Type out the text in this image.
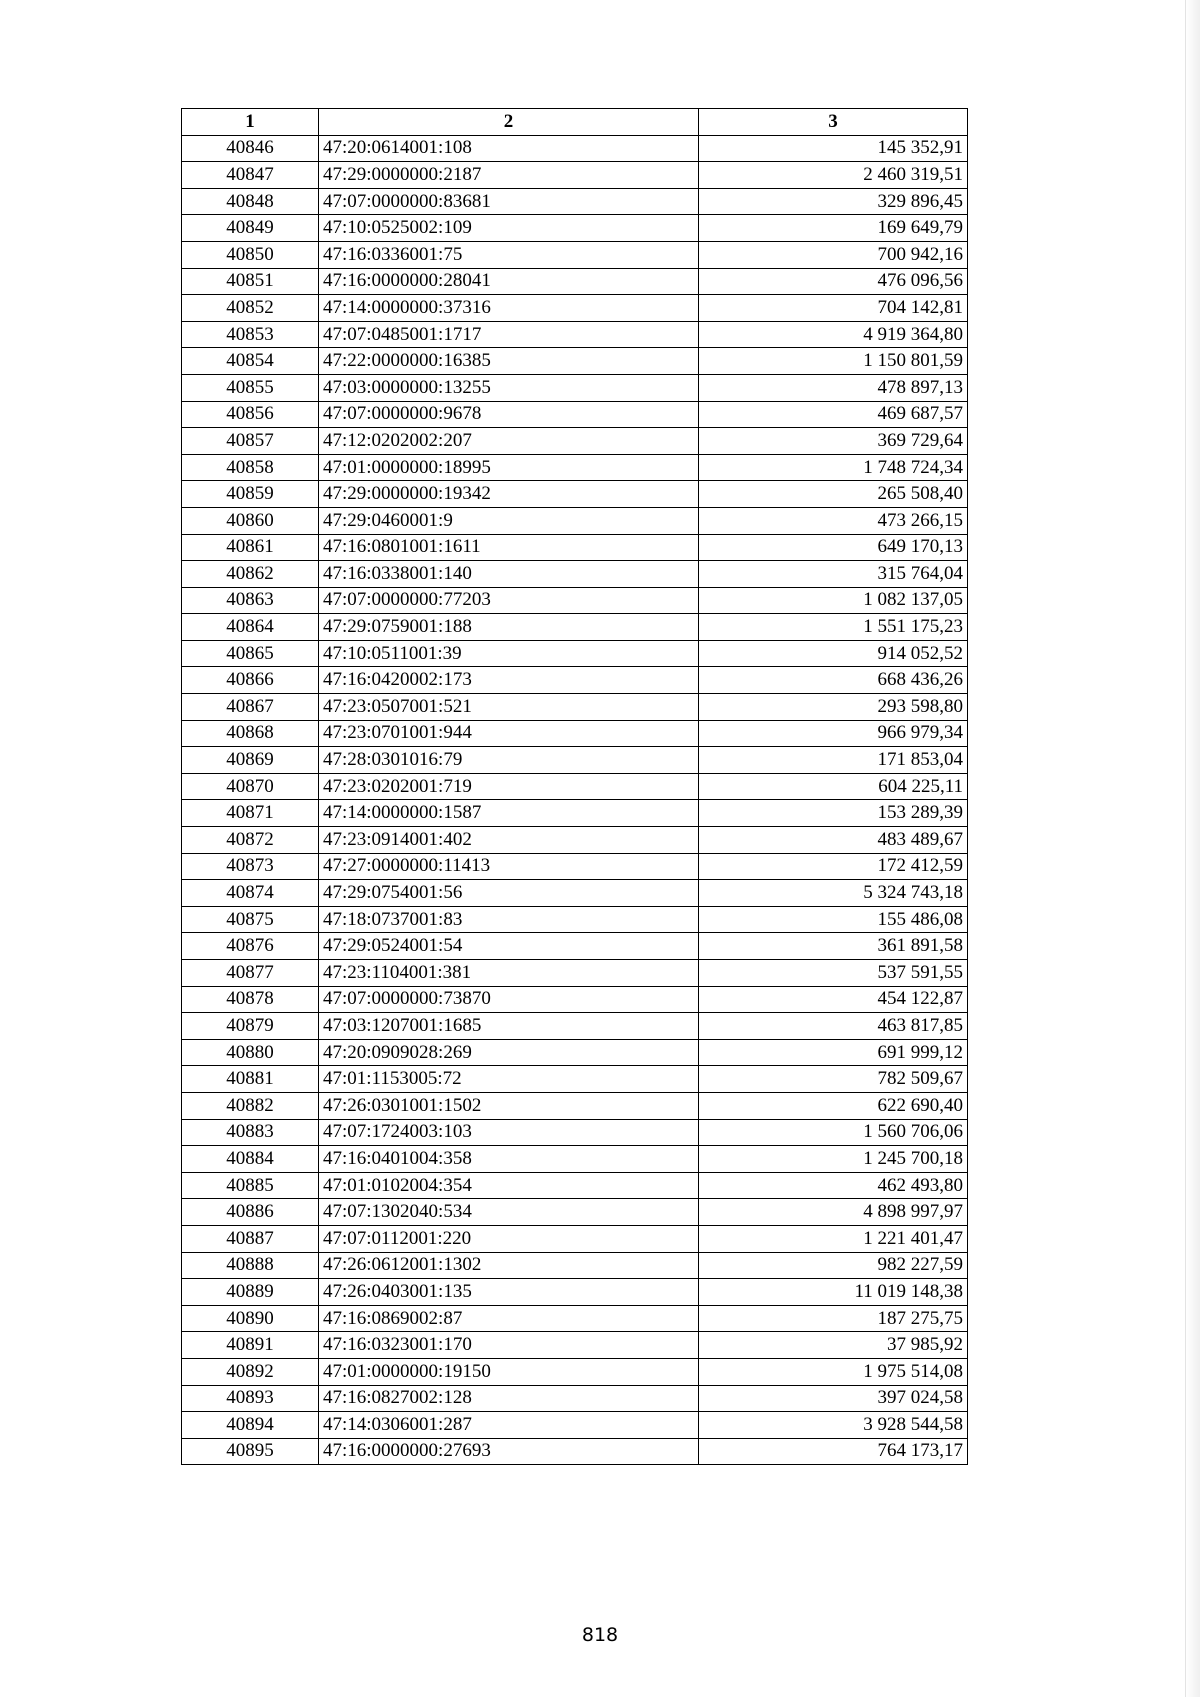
1	2	3
40846	47:20:0614001:108	145 352,91
40847	47:29:0000000:2187	2 460 319,51
40848	47:07:0000000:83681	329 896,45
40849	47:10:0525002:109	169 649,79
40850	47:16:0336001:75	700 942,16
40851	47:16:0000000:28041	476 096,56
40852	47:14:0000000:37316	704 142,81
40853	47:07:0485001:1717	4 919 364,80
40854	47:22:0000000:16385	1 150 801,59
40855	47:03:0000000:13255	478 897,13
40856	47:07:0000000:9678	469 687,57
40857	47:12:0202002:207	369 729,64
40858	47:01:0000000:18995	1 748 724,34
40859	47:29:0000000:19342	265 508,40
40860	47:29:0460001:9	473 266,15
40861	47:16:0801001:1611	649 170,13
40862	47:16:0338001:140	315 764,04
40863	47:07:0000000:77203	1 082 137,05
40864	47:29:0759001:188	1 551 175,23
40865	47:10:0511001:39	914 052,52
40866	47:16:0420002:173	668 436,26
40867	47:23:0507001:521	293 598,80
40868	47:23:0701001:944	966 979,34
40869	47:28:0301016:79	171 853,04
40870	47:23:0202001:719	604 225,11
40871	47:14:0000000:1587	153 289,39
40872	47:23:0914001:402	483 489,67
40873	47:27:0000000:11413	172 412,59
40874	47:29:0754001:56	5 324 743,18
40875	47:18:0737001:83	155 486,08
40876	47:29:0524001:54	361 891,58
40877	47:23:1104001:381	537 591,55
40878	47:07:0000000:73870	454 122,87
40879	47:03:1207001:1685	463 817,85
40880	47:20:0909028:269	691 999,12
40881	47:01:1153005:72	782 509,67
40882	47:26:0301001:1502	622 690,40
40883	47:07:1724003:103	1 560 706,06
40884	47:16:0401004:358	1 245 700,18
40885	47:01:0102004:354	462 493,80
40886	47:07:1302040:534	4 898 997,97
40887	47:07:0112001:220	1 221 401,47
40888	47:26:0612001:1302	982 227,59
40889	47:26:0403001:135	11 019 148,38
40890	47:16:0869002:87	187 275,75
40891	47:16:0323001:170	37 985,92
40892	47:01:0000000:19150	1 975 514,08
40893	47:16:0827002:128	397 024,58
40894	47:14:0306001:287	3 928 544,58
40895	47:16:0000000:27693	764 173,17
818
